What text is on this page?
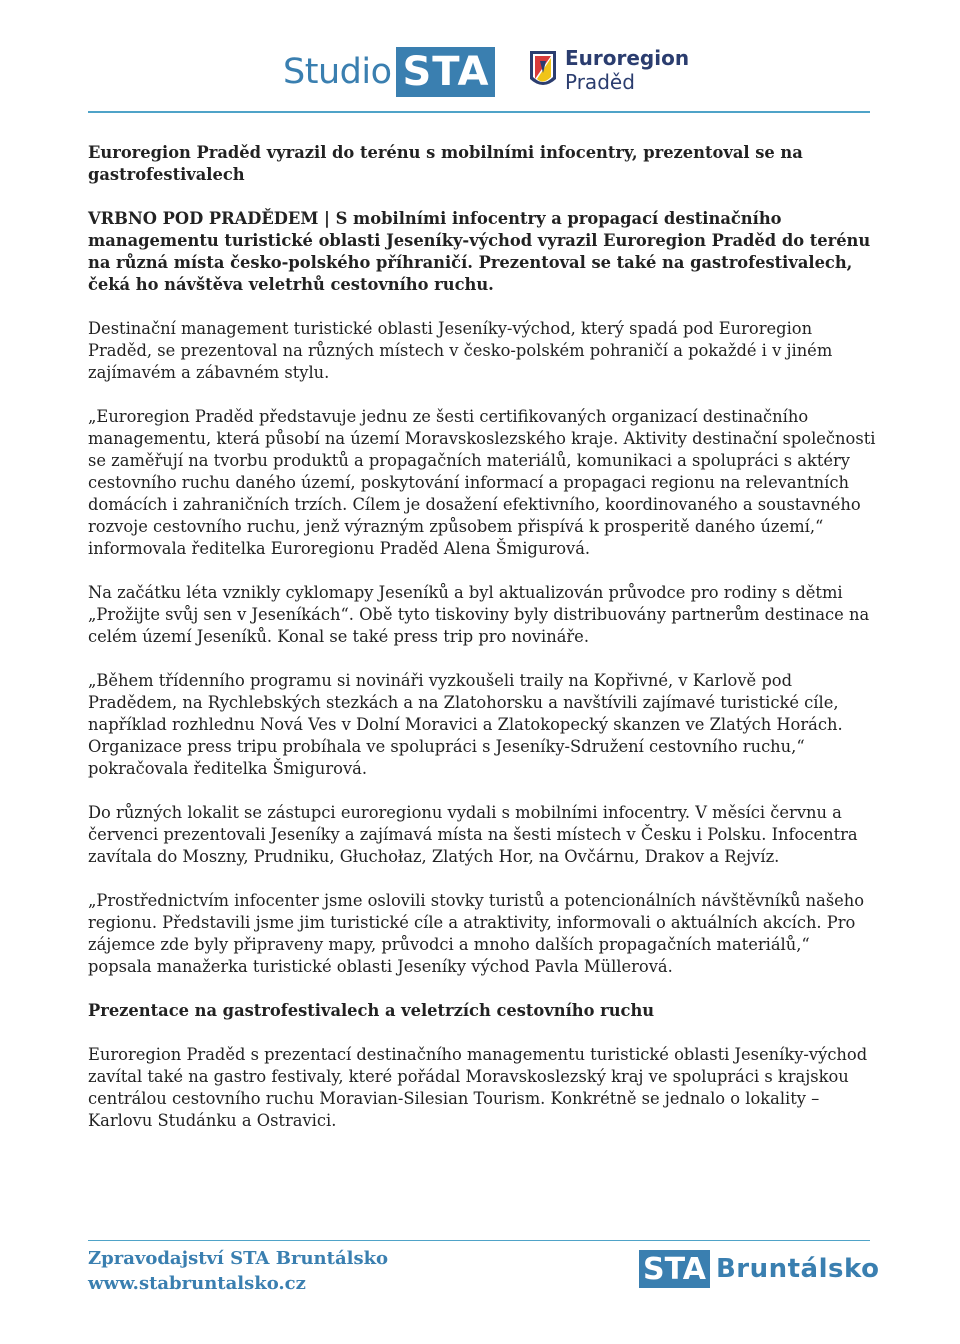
Studio STA	Euroregion
Praděd

Euroregion Praděd vyrazil do terénu s mobilními infocentry, prezentoval se na gastrofestivalech

VRBNO POD PRADĚDEM | S mobilními infocentry a propagací destinačního managementu turistické oblasti Jeseníky-východ vyrazil Euroregion Praděd do terénu na různá místa česko-polského příhraničí. Prezentoval se také na gastrofestivalech, čeká ho návštěva veletrhů cestovního ruchu.

Destinační management turistické oblasti Jeseníky-východ, který spadá pod Euroregion Praděd, se prezentoval na různých místech v česko-polském pohraničí a pokaždé i v jiném zajímavém a zábavném stylu.

„Euroregion Praděd představuje jednu ze šesti certifikovaných organizací destinačního managementu, která působí na území Moravskoslezského kraje. Aktivity destinační společnosti se zaměřují na tvorbu produktů a propagačních materiálů, komunikaci a spolupráci s aktéry cestovního ruchu daného území, poskytování informací a propagaci regionu na relevantních domácích i zahraničních trzích. Cílem je dosažení efektivního, koordinovaného a soustavného rozvoje cestovního ruchu, jenž výrazným způsobem přispívá k prosperitě daného území,“ informovala ředitelka Euroregionu Praděd Alena Šmigurová.

Na začátku léta vznikly cyklomapy Jeseníků a byl aktualizován průvodce pro rodiny s dětmi „Prožijte svůj sen v Jeseníkách“. Obě tyto tiskoviny byly distribuovány partnerům destinace na celém území Jeseníků. Konal se také press trip pro novináře.

„Během třídenního programu si novináři vyzkoušeli traily na Kopřivné, v Karlově pod Pradědem, na Rychlebských stezkách a na Zlatohorsku a navštívili zajímavé turistické cíle, například rozhlednu Nová Ves v Dolní Moravici a Zlatokopecký skanzen ve Zlatých Horách. Organizace press tripu probíhala ve spolupráci s Jeseníky-Sdružení cestovního ruchu,“ pokračovala ředitelka Šmigurová.

Do různých lokalit se zástupci euroregionu vydali s mobilními infocentry. V měsíci červnu a červenci prezentovali Jeseníky a zajímavá místa na šesti místech v Česku i Polsku. Infocentra zavítala do Moszny, Prudniku, Głuchołaz, Zlatých Hor, na Ovčárnu, Drakov a Rejvíz.

„Prostřednictvím infocenter jsme oslovili stovky turistů a potencionálních návštěvníků našeho regionu. Představili jsme jim turistické cíle a atraktivity, informovali o aktuálních akcích. Pro zájemce zde byly připraveny mapy, průvodci a mnoho dalších propagačních materiálů,“ popsala manažerka turistické oblasti Jeseníky východ Pavla Müllerová.

Prezentace na gastrofestivalech a veletrzích cestovního ruchu

Euroregion Praděd s prezentací destinačního managementu turistické oblasti Jeseníky-východ zavítal také na gastro festivaly, které pořádal Moravskoslezský kraj ve spolupráci s krajskou centrálou cestovního ruchu Moravian-Silesian Tourism. Konkrétně se jednalo o lokality – Karlovu Studánku a Ostravici.

Zpravodajství STA Bruntálsko
www.stabruntalsko.cz	STA Bruntálsko
